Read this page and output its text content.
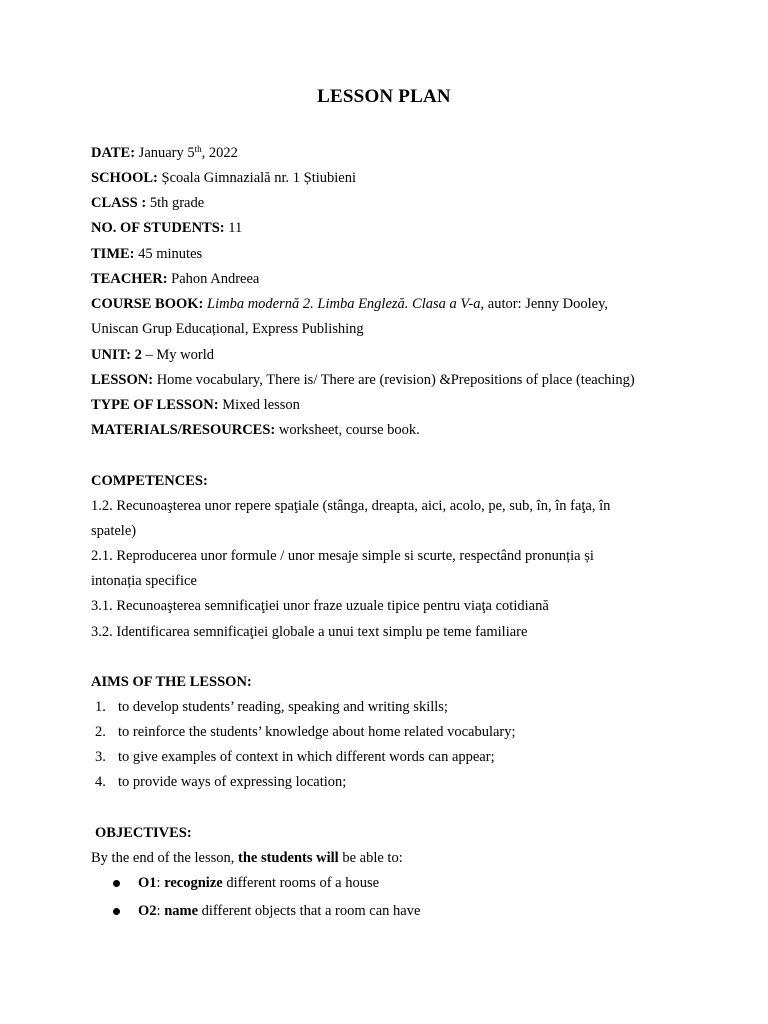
LESSON PLAN
DATE: January 5th, 2022
SCHOOL: Școala Gimnazială nr. 1 Știubieni
CLASS : 5th grade
NO. OF STUDENTS: 11
TIME: 45 minutes
TEACHER: Pahon Andreea
COURSE BOOK: Limba modernă 2. Limba Engleză. Clasa a V-a, autor: Jenny Dooley,
Uniscan Grup Educațional, Express Publishing
UNIT: 2 – My world
LESSON: Home vocabulary, There is/ There are (revision) &Prepositions of place (teaching)
TYPE OF LESSON: Mixed lesson
MATERIALS/RESOURCES: worksheet, course book.
COMPETENCES:
1.2. Recunoaşterea unor repere spaţiale (stânga, dreapta, aici, acolo, pe, sub, în, în faţa, în
spatele)
2.1. Reproducerea unor formule / unor mesaje simple si scurte, respectând pronunția și
intonația specifice
3.1. Recunoaşterea semnificaţiei unor fraze uzuale tipice pentru viaţa cotidiană
3.2. Identificarea semnificaţiei globale a unui text simplu pe teme familiare
AIMS OF THE LESSON:
1. to develop students’ reading, speaking and writing skills;
2. to reinforce the students’ knowledge about home related vocabulary;
3. to give examples of context in which different words can appear;
4. to provide ways of expressing location;
OBJECTIVES:
By the end of the lesson, the students will be able to:
O1: recognize different rooms of a house
O2: name different objects that a room can have
